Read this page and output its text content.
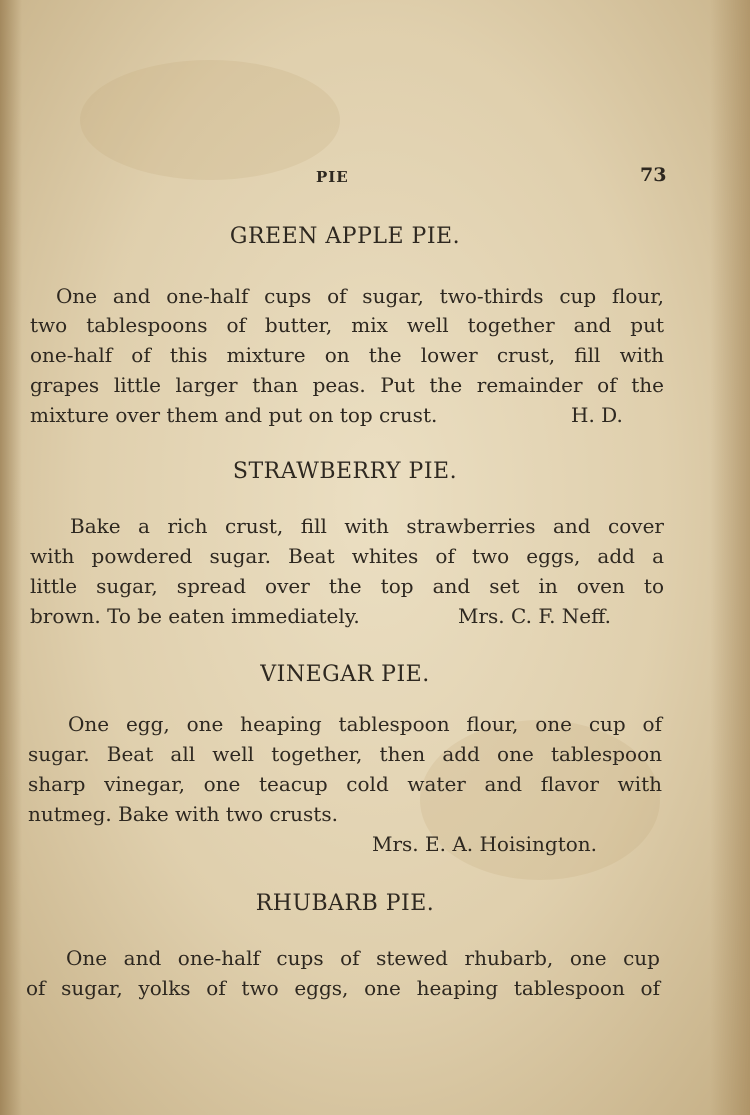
PIE	73
GREEN APPLE PIE.
One and one-half cups of sugar, two-thirds cup flour,
two tablespoons of butter, mix well together and put
one-half of this mixture on the lower crust, fill with
grapes little larger than peas. Put the remainder of the
mixture over them and put on top crust.	H. D.
STRAWBERRY PIE.
Bake a rich crust, fill with strawberries and cover
with powdered sugar. Beat whites of two eggs, add a
little sugar, spread over the top and set in oven to
brown. To be eaten immediately.	Mrs. C. F. Neff.
VINEGAR PIE.
One egg, one heaping tablespoon flour, one cup of
sugar. Beat all well together, then add one tablespoon
sharp vinegar, one teacup cold water and flavor with
nutmeg. Bake with two crusts.
Mrs. E. A. Hoisington.
RHUBARB PIE.
One and one-half cups of stewed rhubarb, one cup
of sugar, yolks of two eggs, one heaping tablespoon of
